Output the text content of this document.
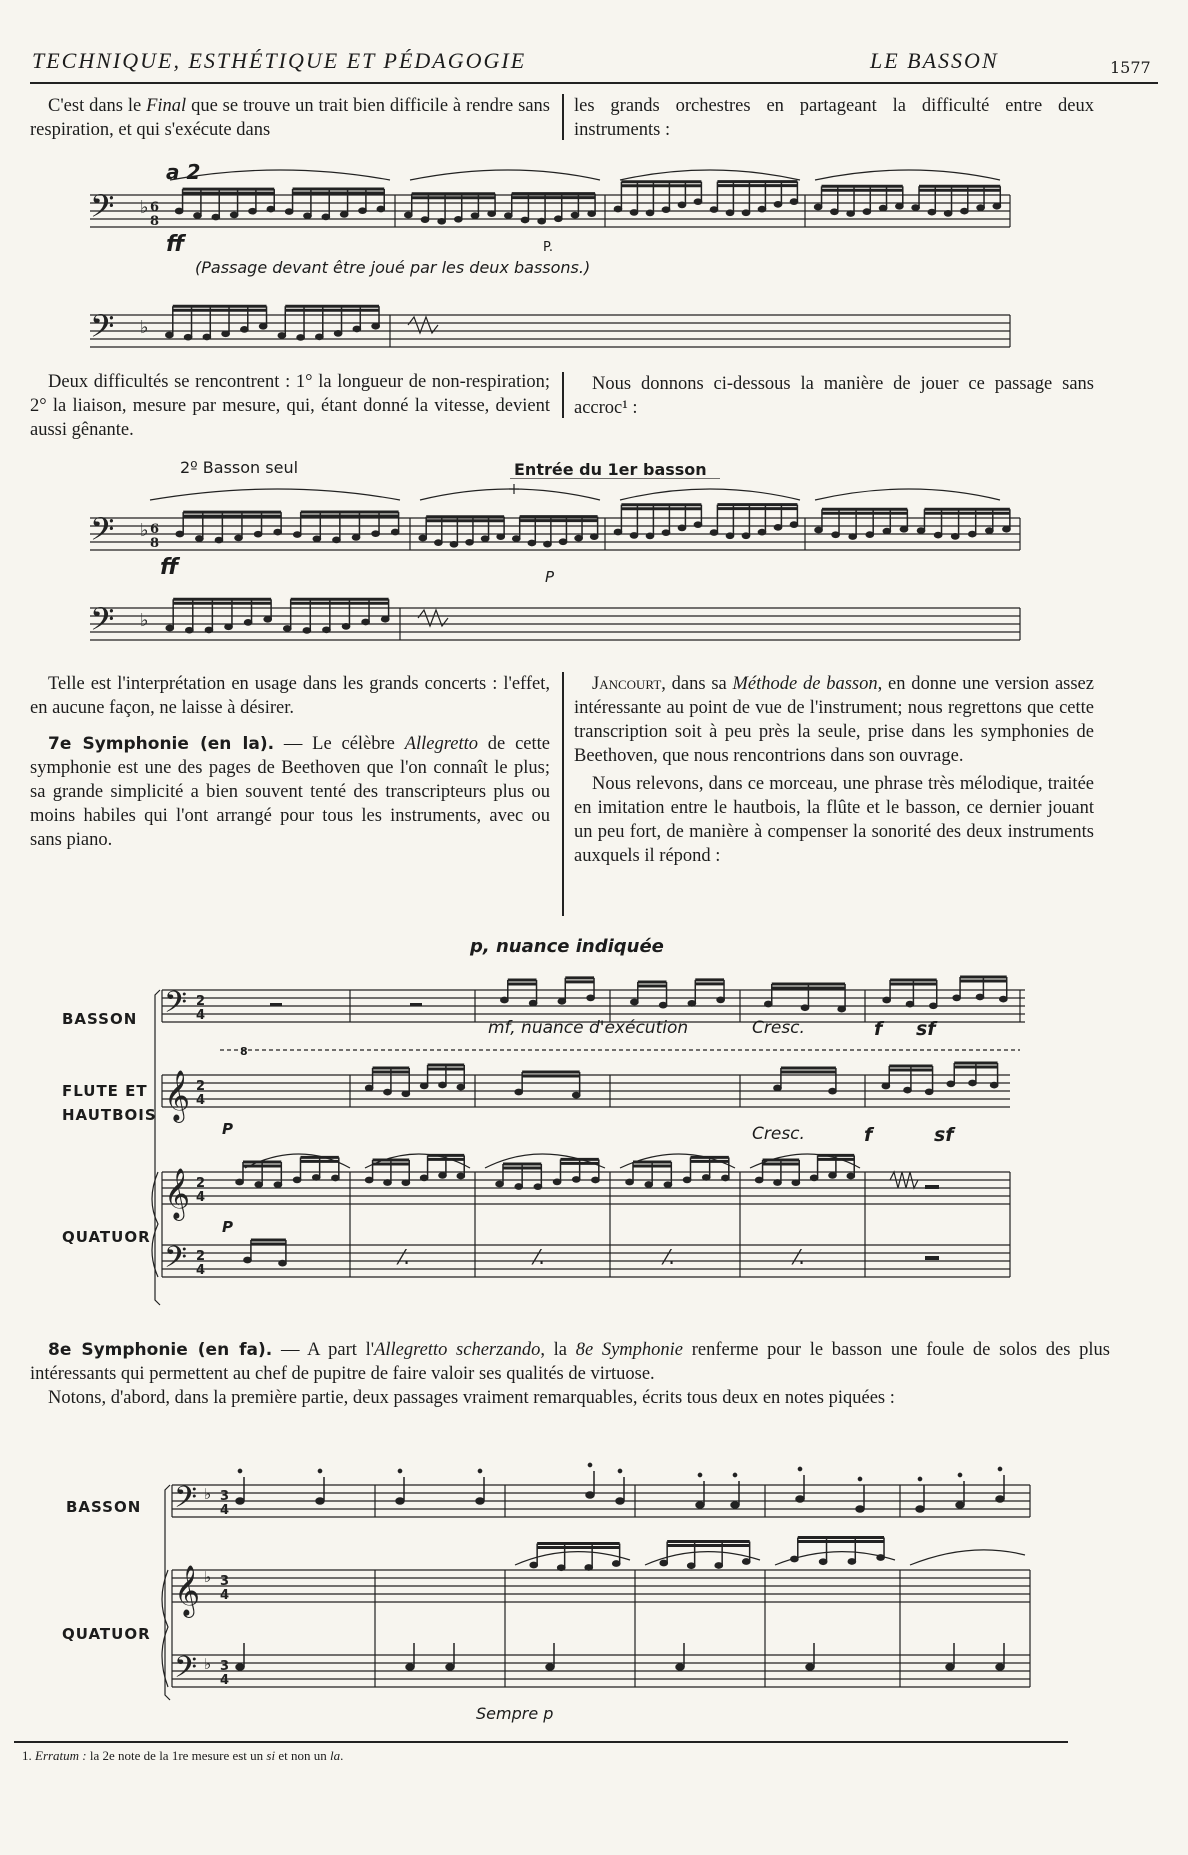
TECHNIQUE, ESTHÉTIQUE ET PÉDAGOGIE	LE BASSON	1577

C'est dans le Final que se trouve un trait bien difficile à rendre sans respiration, et qui s'exécute dans

les grands orchestres en partageant la difficulté entre deux instruments :

a 2
𝄢 ♭ 6
8
𝄢 ♭
ff	P.
(Passage devant être joué par les deux bassons.)

Deux difficultés se rencontrent : 1° la longueur de non-respiration; 2° la liaison, mesure par mesure, qui, étant donné la vitesse, devient aussi gênante.

Nous donnons ci-dessous la manière de jouer ce passage sans accroc¹ :

2º Basson seul	Entrée du 1er basson
𝄢 ♭ 6
8
𝄢 ♭
ff	P

Telle est l'interprétation en usage dans les grands concerts : l'effet, en aucune façon, ne laisse à désirer.

7e Symphonie (en la). — Le célèbre Allegretto de cette symphonie est une des pages de Beethoven que l'on connaît le plus; sa grande simplicité a bien souvent tenté des transcripteurs plus ou moins habiles qui l'ont arrangé pour tous les instruments, avec ou sans piano.

Jancourt, dans sa Méthode de basson, en donne une version assez intéressante au point de vue de l'instrument; nous regrettons que cette transcription soit à peu près la seule, prise dans les symphonies de Beethoven, que nous rencontrions dans son ouvrage.

Nous relevons, dans ce morceau, une phrase très mélodique, traitée en imitation entre le hautbois, la flûte et le basson, ce dernier jouant un peu fort, de manière à compenser la sonorité des deux instruments auxquels il répond :

p, nuance indiquée
BASSON
FLUTE ET
HAUTBOIS
QUATUOR
𝄢 2
4
𝄞 2
4
𝄞 2
4
𝄢 2
4
⁄.	⁄.	⁄.	⁄.
8
mf, nuance d'exécution	Cresc.	f sf
P	Cresc.	f	sf
P

8e Symphonie (en fa). — A part l'Allegretto scherzando, la 8e Symphonie renferme pour le basson une foule de solos des plus intéressants qui permettent au chef de pupitre de faire valoir ses qualités de virtuose.

Notons, d'abord, dans la première partie, deux passages vraiment remarquables, écrits tous deux en notes piquées :

BASSON
QUATUOR
𝄢 ♭ 3
4
𝄞 ♭ 3
4
𝄢 ♭ 3
4
Sempre p
1. Erratum : la 2e note de la 1re mesure est un si et non un la.
